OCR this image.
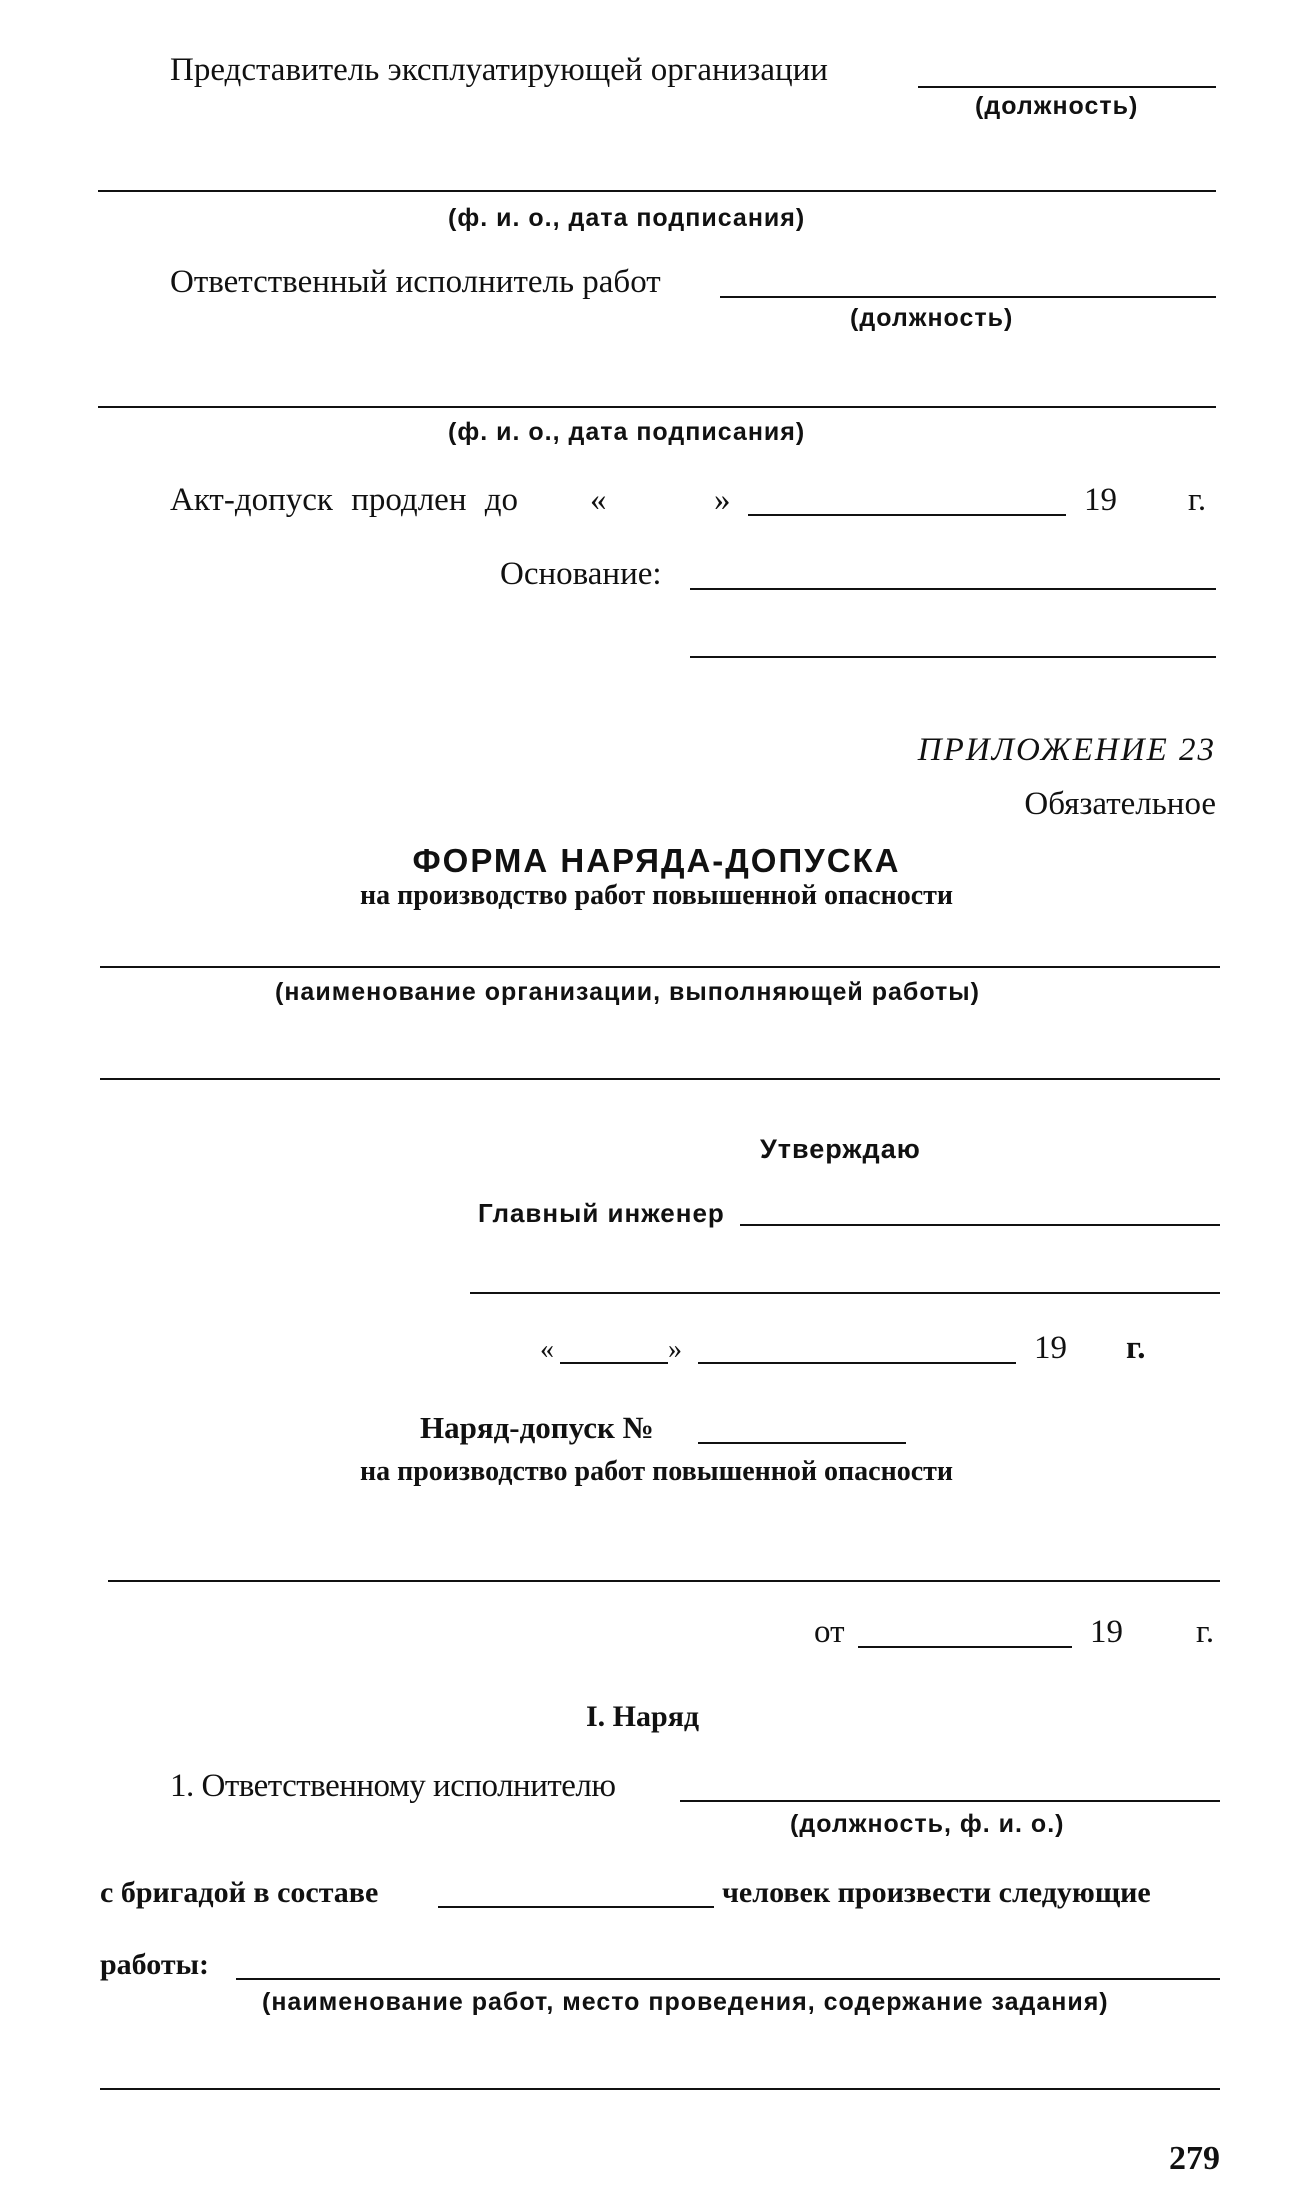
Представитель эксплуатирующей организации
(должность)
(ф. и. о., дата подписания)
Ответственный исполнитель работ
(должность)
(ф. и. о., дата подписания)
Акт-допуск продлен до «	»	19 г.
Основание:
ПРИЛОЖЕНИЕ 23
Обязательное
ФОРМА НАРЯДА-ДОПУСКА
на производство работ повышенной опасности
(наименование организации, выполняющей работы)
Утверждаю
Главный инженер
«	»	19 г.
Наряд-допуск №
на производство работ повышенной опасности
от	19 г.
I. Наряд
1. Ответственному исполнителю
(должность, ф. и. о.)
с бригадой в составе	человек произвести следующие
работы:
(наименование работ, место проведения, содержание задания)
279
